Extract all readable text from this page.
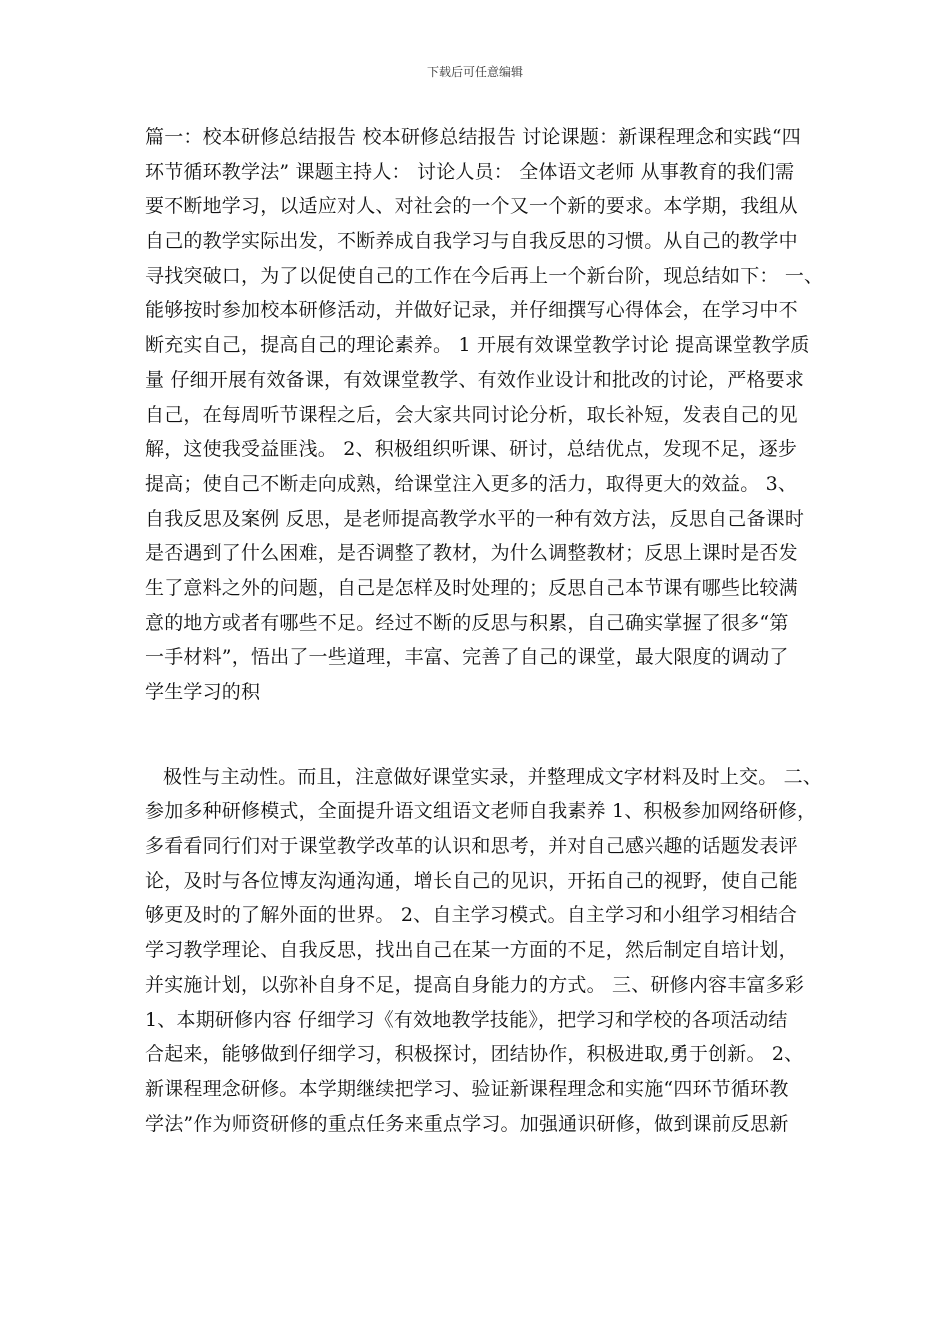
下载后可任意编辑
篇一：校本研修总结报告 校本研修总结报告 讨论课题：新课程理念和实践“四
环节循环教学法” 课题主持人： 讨论人员： 全体语文老师 从事教育的我们需
要不断地学习，以适应对人、对社会的一个又一个新的要求。本学期，我组从
自己的教学实际出发，不断养成自我学习与自我反思的习惯。从自己的教学中
寻找突破口，为了以促使自己的工作在今后再上一个新台阶，现总结如下： 一、
能够按时参加校本研修活动，并做好记录，并仔细撰写心得体会，在学习中不
断充实自己，提高自己的理论素养。 1 开展有效课堂教学讨论 提高课堂教学质
量 仔细开展有效备课，有效课堂教学、有效作业设计和批改的讨论，严格要求
自己，在每周听节课程之后，会大家共同讨论分析，取长补短，发表自己的见
解，这使我受益匪浅。 2、积极组织听课、研讨，总结优点，发现不足，逐步
提高；使自己不断走向成熟，给课堂注入更多的活力，取得更大的效益。 3、
自我反思及案例 反思，是老师提高教学水平的一种有效方法，反思自己备课时
是否遇到了什么困难，是否调整了教材，为什么调整教材；反思上课时是否发
生了意料之外的问题，自己是怎样及时处理的；反思自己本节课有哪些比较满
意的地方或者有哪些不足。经过不断的反思与积累，自己确实掌握了很多“第
一手材料”，悟出了一些道理，丰富、完善了自己的课堂，最大限度的调动了
学生学习的积
极性与主动性。而且，注意做好课堂实录，并整理成文字材料及时上交。 二、
参加多种研修模式，全面提升语文组语文老师自我素养 1、积极参加网络研修，
多看看同行们对于课堂教学改革的认识和思考，并对自己感兴趣的话题发表评
论，及时与各位博友沟通沟通，增长自己的见识，开拓自己的视野，使自己能
够更及时的了解外面的世界。 2、自主学习模式。自主学习和小组学习相结合
学习教学理论、自我反思，找出自己在某一方面的不足，然后制定自培计划，
并实施计划，以弥补自身不足，提高自身能力的方式。 三、研修内容丰富多彩
1、本期研修内容 仔细学习《有效地教学技能》，把学习和学校的各项活动结
合起来，能够做到仔细学习，积极探讨，团结协作，积极进取,勇于创新。 2、
新课程理念研修。本学期继续把学习、验证新课程理念和实施“四环节循环教
学法”作为师资研修的重点任务来重点学习。加强通识研修，做到课前反思新
